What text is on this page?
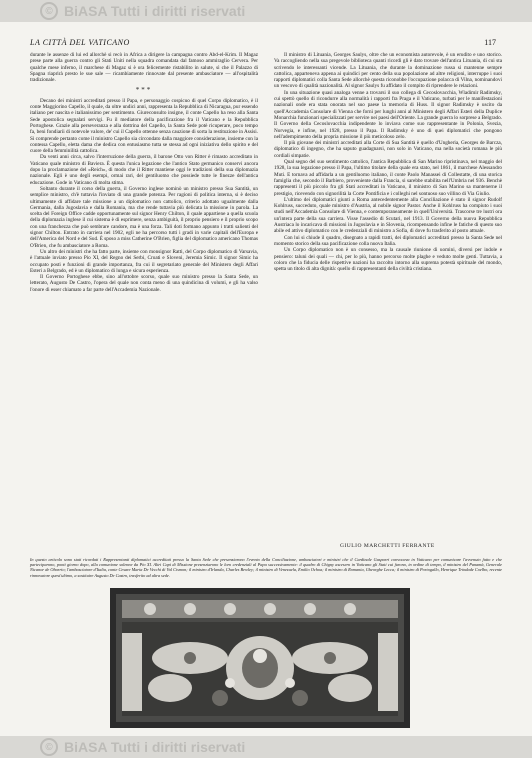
© BiASA Tutti i diritti riservati
LA CITTÀ DEL VATICANO	117

durante le assenze di lui ed allorchè si recò in Africa a dirigere la campagna contro Abd-el-Krim. Il Magaz prese parte alla guerra contro gli Stati Uniti nella squadra comandata dal famoso ammiraglio Cervera. Per qualche mese inferno, il marchese di Magaz si è ora felicemente ristabilito in salute, sì che il Palazzo di Spagna riaprirà presto le sue sale — ricambiamente rinnovate dal presente ambasciatore — all'ospitalità tradizionale.

***

Decano dei ministri accreditati presso il Papa, e personaggio cospicuo di quel Corpo diplomatico, è il conte Maggiorino Capello, il quale, da oltre undici anni, rappresenta la Repubblica di Nicaragua, pur essendo italiano per nascita e italianissimo per sentimento. Giureconsulto insigne, il conte Capello ha reso alla Santa Sede apostolica segnalati servigi. Fu il mediatore della pacificazione fra il Vaticano e la Repubblica Portoghese. Grazie alla perseveranza e alla dottrina del Capello, la Santa Sede potè ricuperare, poco tempo fa, beni fondiarii di notevole valore, de' cui il Capello ottenne senza cauzione di sorta la restituzione in Assisi. Si comprende pertanto come il ministro Capello sia circondato dalla maggiore considerazione, insieme con la contessa Capello, eletta dama che dedica con entusiasmo tutta se stessa ad ogni iniziativa dello spirito e del cuore della femminilità cattolica.

Da venti anni circa, salvo l'interruzione della guerra, il barone Otto von Ritter è rimasto accreditato in Vaticano quale ministro di Baviera. È questa l'unica legazione che l'antico Stato germanico conservi ancora dopo la proclamazione del «Reich», di modo che il Ritter mantiene oggi le tradizioni della sua diplomazia nazionale. Egli è uno degli esempi, ormai rari, del gentiluomo che possiede tutte le finezze dell'antica educazione. Gode in Vaticano di molta stima.

Soltanto durante il corso della guerra, il Governo inglese nominò un ministro presso Sua Santità, un semplice ministro, ch'è tuttavia l'inviato di una grande potenza. Per ragioni di politica interna, si è deciso ultimamente di affidare tale missione a un diplomatico non cattolico, criterio adottato ugualmente dalla Germania, dalla Jugoslavia e dalla Romania, ma che rende tuttavia più delicata la missione in parola. La scelta del Foreign Office cadde opportunamente sul signor Henry Chilton, il quale appartiene a quella scuola della diplomazia inglese il cui sistema è di esprimere, senza ambiguità, il proprio pensiero e il proprio scopo con una franchezza che può sembrare candore, ma è una forza. Tali doti formano appunto i tratti salienti del signor Chilton. Entrato in carriera nel 1902, egli ne ha percorso tutti i gradi in varie capitali dell'Europa e dell'America del Nord e del Sud. È sposo a miss Catherine O'Brien, figlia del diplomatico americano Thomas O'Brien, che fu ambasciatore a Roma.

Un altro dei ministri che ha fatto parte, insieme con monsignor Ratti, del Corpo diplomatico di Varsavia, è l'attuale inviato presso Pio XI, del Regno dei Serbi, Croati e Sloveni, Jeremia Simic. Il signor Simic ha occupato posti e funzioni di grande importanza, fra cui il segretariato generale del Ministero degli Affari Esteri a Belgrado, ed è un diplomatico di lunga e sicura esperienza.

Il Governo Portoghese ebbe, sino all'ottobre scorso, quale suo ministro presso la Santa Sede, un letterato, Augusto De Castro, l'opera del quale non conta meno di una quindicina di volumi, e gli ha valso l'onore di esser chiamato a far parte dell'Accademia Nazionale.

Il ministro di Lituania, Georges Saulys, oltre che un economista autorevole, è un erudito e uno storico. Va raccogliendo nella sua pregevole biblioteca quanti ricordi gli è dato trovare dell'antica Lituania, di cui sta scrivendo le interessanti vicende. La Lituania, che durante la dominazione russa si mantenne sempre cattolica, apparteneva appena ai quindici per cento della sua popolazione ad altre religioni, interruppe i suoi rapporti diplomatici colla Santa Sede allorchè questa riconobbe l'occupazione polacca di Vilna, nominandovi un vescovo di qualità nazionalità. Al signor Saulys fu affidato il compito di riprendere le relazioni.

In una situazione quasi analoga venne a trovarsi il suo collega di Cecoslovacchia, Wladimir Radimsky, cui spettò quello di ricondurre alla normalità i rapporti fra Praga e il Vaticano, turbati per le manifestazioni nazionali onde era stata onorata nel suo paese la memoria di Huss. Il signor Radimsky è uscito da quell'Accademia Consolare di Vienna che fornì per lunghi anni al Ministero degli Affari Esteri della Duplice Monarchia funzionari specializzati per servire nei paesi dell'Oriente. La grande guerra lo sorprese a Belgrado. Il Governo della Cecoslovacchia indipendente lo inviava come suo rappresentante in Polonia, Svezia, Norvegia, e infine, nel 1928, presso il Papa. Il Radimsky è uno di quei diplomatici che pongono nell'adempimento della propria missione il più meticoloso zelo.

Il più giovane dei ministri accreditati alla Corte di Sua Santità è quello d'Ungheria, Georges de Barcza, diplomatico di ingegno, che ha saputo guadagnarsi, non solo in Vaticano, ma nella società romana le più cordiali simpatie.

Qual segno del suo sentimento cattolico, l'antica Repubblica di San Marino ripristinava, nel maggio del 1928, la sua legazione presso il Papa, l'ultimo titolare della quale era stato, nel 1861, il marchese Alessandro Muti. E tornava ad affidarla a un gentiluomo italiano, il conte Paolo Manassei di Collestatte, di una storica famiglia che, secondo il Barbiero, proveniente dalla Francia, si sarebbe stabilita nell'Umbria nel 936. Benchè rappresenti il più piccolo fra gli Stati accreditati in Vaticano, il ministro di San Marino sa mantenerne il prestigio, ricevendo con signorilità la Corte Pontificia e i colleghi nel sontuoso suo villino di Via Giulio.

L'ultimo dei diplomatici giunti a Roma antecedentemente alla Conciliazione è stato il signor Rudolf Kohlruss, succeduto, quale ministro d'Austria, al nobile signor Pastor. Anche il Kohlruss ha compiuto i suoi studi nell'Accademia Consolare di Vienna, e contemporaneamente in quell'Università. Trascorse tre lustri ora un'intera parte della sua carriera. Visse l'assedio di Scutari, nel 1913. Il Governo della nuova Repubblica Austriaca lo incaricava di missioni in Jugoslavia e in Slovenia, ricompensando infine le fatiche di questo suo abile ed attivo diplomatico con le credenziali di ministro a Sofia, di dove fu trasferito al posto attuale.

Con lui si chiude il quadro, disegnato a rapidi tratti, dei diplomatici accreditati presso la Santa Sede nel momento storico della sua pacificazione colla nuova Italia.

Un Corpo diplomatico non è un consesso, ma la causale riunione di uomini, diversi per indole e pensiero: taluni dei quali — chi, per lo più, hanno percorso molte plaghe e veduto molte genti. Tuttavia, a coloro che la fiducia delle rispettive nazioni ha raccolto intorno alla suprema potestà spirituale del mondo, spetta un titolo di alta dignità: quello di rappresentanti della civiltà cristiana.

GIULIO MARCHETTI FERRANTE
In questo articolo sono stati ricordati i Rappresentanti diplomatici accreditati presso la Santa Sede che presenziarono l'evento della Conciliazione, ambasciatori e ministri che il Cardinale Gasparri convocava in Vaticano per comunicare l'avvenuto fatto e che parteciparono, ponti giorno dopo, alla comunione solenne da Pio XI. Altri Capi di Missione presenziarono le loro credenziali al Papa successivamente: il quadro di Chigny ascesero in Vaticano gli Stati cui furono, in ordine di tempo, il ministro del Panamà, Generale Nicanor de Obarrio; l'ambasciatore d'Italia, conte Cesare Maria De Vecchi di Val Cismon; il ministro d'Irlanda, Charles Bewley; il ministro di Venezuela, Emilio Ochoa; il ministro di Romania, Gheorghe Lecca; il ministro di Portogallo, Henrique Trindade Coelho, recente rinnovatore quest'ultimo, a sostituire Augusto De Castro, trasferito ad altra sede.
© BiASA Tutti i diritti riservati
